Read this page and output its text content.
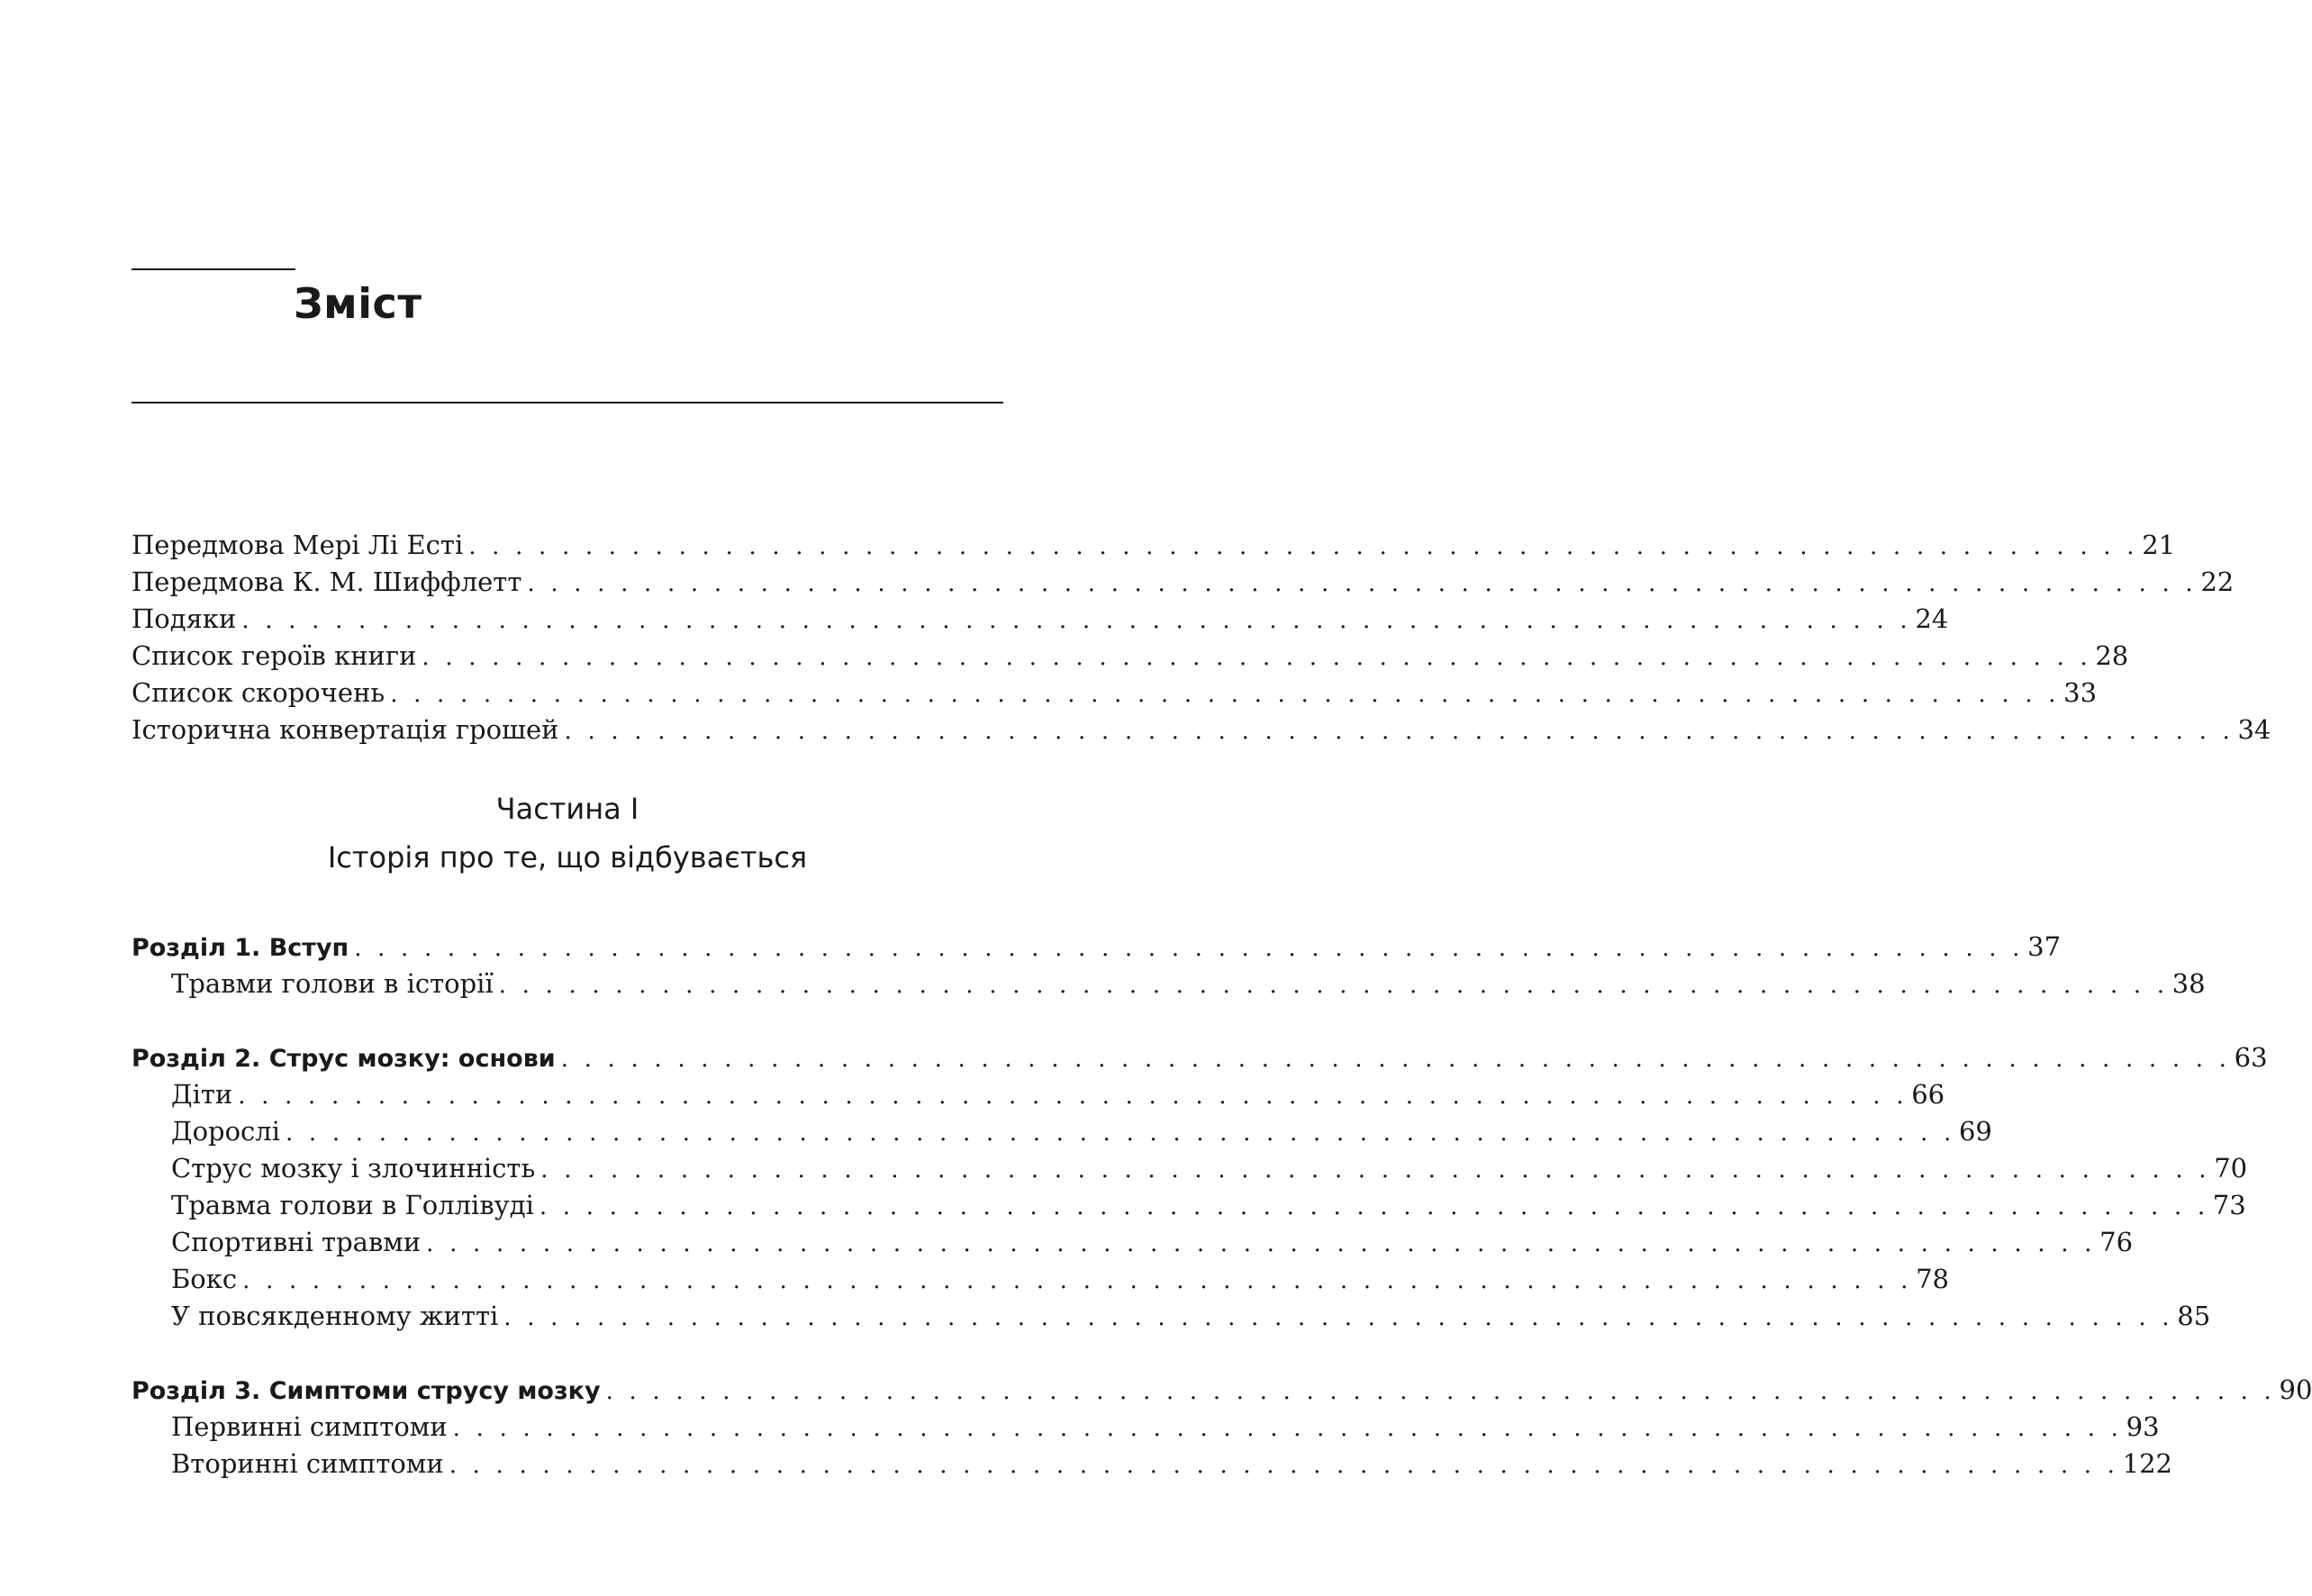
Зміст
Передмова Мері Лі Есті . . . . . . . . . . . . . . . . . . . . . . . . . . . . . . . . . . . . . . . . . . . . . . . . . . . . . . . . . . . . . . . . . . . . . . . . 21
Передмова К. М. Шиффлетт . . . . . . . . . . . . . . . . . . . . . . . . . . . . . . . . . . . . . . . . . . . . . . . . . . . . . . . . . . . . . . . . . . . . . . . . 22
Подяки . . . . . . . . . . . . . . . . . . . . . . . . . . . . . . . . . . . . . . . . . . . . . . . . . . . . . . . . . . . . . . . . . . . . . . . . 24
Список героїв книги . . . . . . . . . . . . . . . . . . . . . . . . . . . . . . . . . . . . . . . . . . . . . . . . . . . . . . . . . . . . . . . . . . . . . . . . 28
Список скорочень . . . . . . . . . . . . . . . . . . . . . . . . . . . . . . . . . . . . . . . . . . . . . . . . . . . . . . . . . . . . . . . . . . . . . . . . 33
Історична конвертація грошей . . . . . . . . . . . . . . . . . . . . . . . . . . . . . . . . . . . . . . . . . . . . . . . . . . . . . . . . . . . . . . . . . . . . . . . . 34
Частина I
Історія про те, що відбувається
Розділ 1. Вступ . . . . . . . . . . . . . . . . . . . . . . . . . . . . . . . . . . . . . . . . . . . . . . . . . . . . . . . . . . . . . . . . . . . . . . . . 37
Травми голови в історії . . . . . . . . . . . . . . . . . . . . . . . . . . . . . . . . . . . . . . . . . . . . . . . . . . . . . . . . . . . . . . . . . . . . . . . . 38
Розділ 2. Струс мозку: основи . . . . . . . . . . . . . . . . . . . . . . . . . . . . . . . . . . . . . . . . . . . . . . . . . . . . . . . . . . . . . . . . . . . . . . . . 63
Діти . . . . . . . . . . . . . . . . . . . . . . . . . . . . . . . . . . . . . . . . . . . . . . . . . . . . . . . . . . . . . . . . . . . . . . . . 66
Дорослі . . . . . . . . . . . . . . . . . . . . . . . . . . . . . . . . . . . . . . . . . . . . . . . . . . . . . . . . . . . . . . . . . . . . . . . . 69
Струс мозку і злочинність . . . . . . . . . . . . . . . . . . . . . . . . . . . . . . . . . . . . . . . . . . . . . . . . . . . . . . . . . . . . . . . . . . . . . . . . 70
Травма голови в Голлівуді . . . . . . . . . . . . . . . . . . . . . . . . . . . . . . . . . . . . . . . . . . . . . . . . . . . . . . . . . . . . . . . . . . . . . . . . 73
Спортивні травми . . . . . . . . . . . . . . . . . . . . . . . . . . . . . . . . . . . . . . . . . . . . . . . . . . . . . . . . . . . . . . . . . . . . . . . . 76
Бокс . . . . . . . . . . . . . . . . . . . . . . . . . . . . . . . . . . . . . . . . . . . . . . . . . . . . . . . . . . . . . . . . . . . . . . . . 78
У повсякденному житті . . . . . . . . . . . . . . . . . . . . . . . . . . . . . . . . . . . . . . . . . . . . . . . . . . . . . . . . . . . . . . . . . . . . . . . . 85
Розділ 3. Симптоми струсу мозку . . . . . . . . . . . . . . . . . . . . . . . . . . . . . . . . . . . . . . . . . . . . . . . . . . . . . . . . . . . . . . . . . . . . . . . . 90
Первинні симптоми . . . . . . . . . . . . . . . . . . . . . . . . . . . . . . . . . . . . . . . . . . . . . . . . . . . . . . . . . . . . . . . . . . . . . . . . 93
Вторинні симптоми . . . . . . . . . . . . . . . . . . . . . . . . . . . . . . . . . . . . . . . . . . . . . . . . . . . . . . . . . . . . . . . . . . . . . . . . 122
